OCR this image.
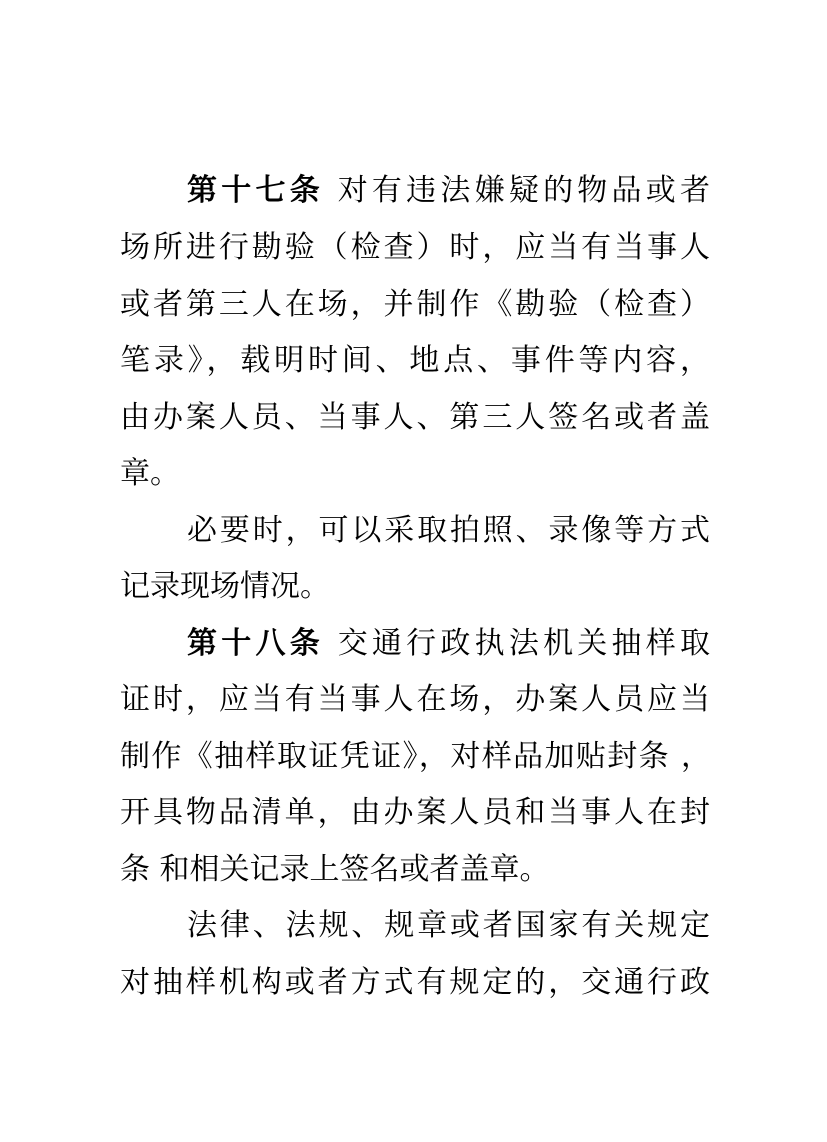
第十七条 对有违法嫌疑的物品或者
场所进行勘验（检查）时，应当有当事人
或者第三人在场，并制作《勘验（检查）
笔录》，载明时间、地点、事件等内容，
由办案人员、当事人、第三人签名或者盖
章。
必要时，可以采取拍照、录像等方式
记录现场情况。
第十八条 交通行政执法机关抽样取
证时，应当有当事人在场，办案人员应当
制作《抽样取证凭证》，对样品加贴封条 ，
开具物品清单，由办案人员和当事人在封
条 和相关记录上签名或者盖章。
法律、法规、规章或者国家有关规定
对抽样机构或者方式有规定的，交通行政
